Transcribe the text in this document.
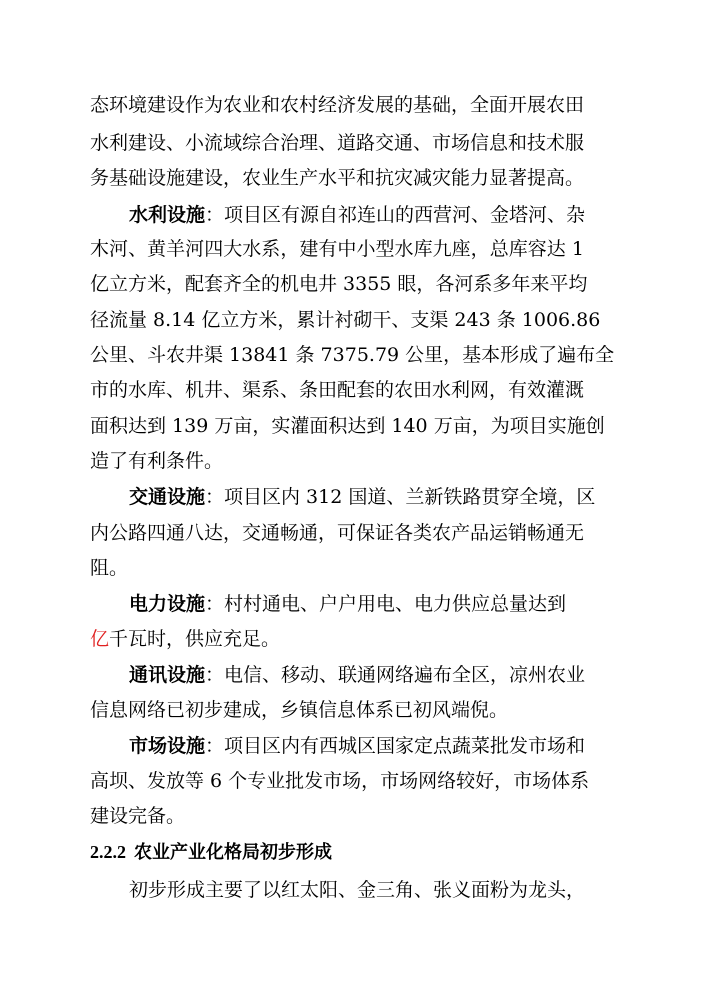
态环境建设作为农业和农村经济发展的基础，全面开展农田
水利建设、小流域综合治理、道路交通、市场信息和技术服
务基础设施建设，农业生产水平和抗灾减灾能力显著提高。
水利设施：项目区有源自祁连山的西营河、金塔河、杂
木河、黄羊河四大水系，建有中小型水库九座，总库容达 1
亿立方米，配套齐全的机电井 3355 眼，各河系多年来平均
径流量 8.14 亿立方米，累计衬砌干、支渠 243 条 1006.86
公里、斗农井渠 13841 条 7375.79 公里，基本形成了遍布全
市的水库、机井、渠系、条田配套的农田水利网，有效灌溉
面积达到 139 万亩，实灌面积达到 140 万亩，为项目实施创
造了有利条件。
交通设施：项目区内 312 国道、兰新铁路贯穿全境，区
内公路四通八达，交通畅通，可保证各类农产品运销畅通无
阻。
电力设施：村村通电、户户用电、电力供应总量达到
亿千瓦时，供应充足。
通讯设施：电信、移动、联通网络遍布全区，凉州农业
信息网络已初步建成，乡镇信息体系已初风端倪。
市场设施：项目区内有西城区国家定点蔬菜批发市场和
高坝、发放等 6 个专业批发市场，市场网络较好，市场体系
建设完备。
2.2.2 农业产业化格局初步形成
初步形成主要了以红太阳、金三角、张义面粉为龙头，
